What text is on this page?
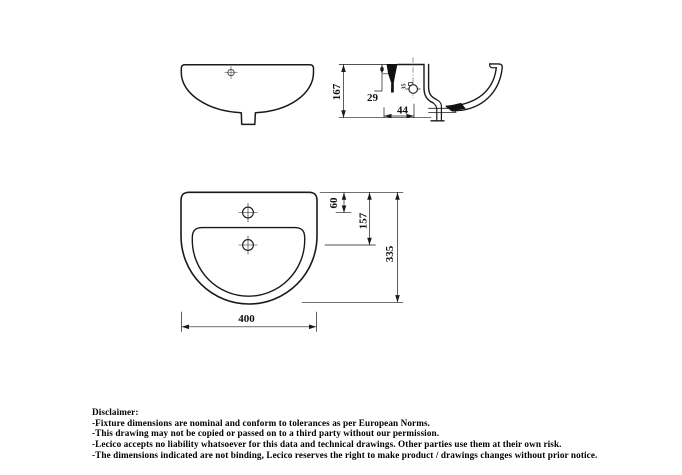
167 29
44
35
60
157
335
400
Disclaimer:
-Fixture dimensions are nominal and conform to tolerances as per European Norms.
-This drawing may not be copied or passed on to a third party without our permission.
-Lecico accepts no liability whatsoever for this data and technical drawings. Other parties use them at their own risk.
-The dimensions indicated are not binding, Lecico reserves the right to make product / drawings changes without prior notice.
